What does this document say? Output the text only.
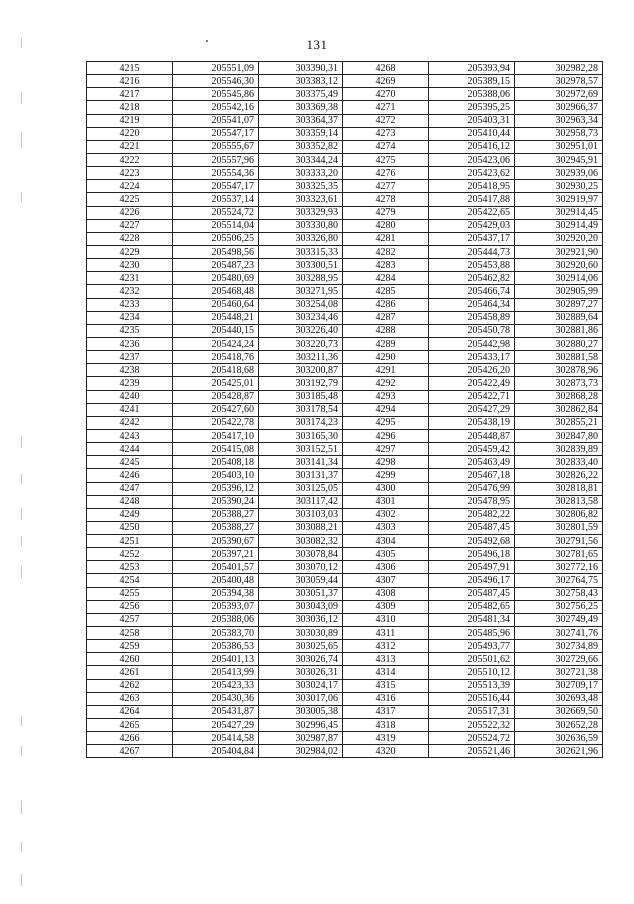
131
4215	205551,09	303390,31	4268	205393,94	302982,28
4216	205546,30	303383,12	4269	205389,15	302978,57
4217	205545,86	303375,49	4270	205388,06	302972,69
4218	205542,16	303369,38	4271	205395,25	302966,37
4219	205541,07	303364,37	4272	205403,31	302963,34
4220	205547,17	303359,14	4273	205410,44	302958,73
4221	205555,67	303352,82	4274	205416,12	302951,01
4222	205557,96	303344,24	4275	205423,06	302945,91
4223	205554,36	303333,20	4276	205423,62	302939,06
4224	205547,17	303325,35	4277	205418,95	302930,25
4225	205537,14	303323,61	4278	205417,88	302919,97
4226	205524,72	303329,93	4279	205422,65	302914,45
4227	205514,04	303330,80	4280	205429,03	302914,49
4228	205506,25	303326,80	4281	205437,17	302920,20
4229	205498,56	303315,33	4282	205444,73	302921,90
4230	205487,23	303300,51	4283	205453,88	302920,60
4231	205480,69	303288,95	4284	205462,82	302914,06
4232	205468,48	303271,95	4285	205466,74	302905,99
4233	205460,64	303254,08	4286	205464,34	302897,27
4234	205448,21	303234,46	4287	205458,89	302889,64
4235	205440,15	303226,40	4288	205450,78	302881,86
4236	205424,24	303220,73	4289	205442,98	302880,27
4237	205418,76	303211,36	4290	205433,17	302881,58
4238	205418,68	303200,87	4291	205426,20	302878,96
4239	205425,01	303192,79	4292	205422,49	302873,73
4240	205428,87	303185,48	4293	205422,71	302868,28
4241	205427,60	303178,54	4294	205427,29	302862,84
4242	205422,78	303174,23	4295	205438,19	302855,21
4243	205417,10	303165,30	4296	205448,87	302847,80
4244	205415,08	303152,51	4297	205459,42	302839,89
4245	205408,18	303141,34	4298	205463,49	302833,40
4246	205403,10	303131,37	4299	205467,18	302826,22
4247	205396,12	303125,05	4300	205476,99	302818,81
4248	205390,24	303117,42	4301	205478,95	302813,58
4249	205388,27	303103,03	4302	205482,22	302806,82
4250	205388,27	303088,21	4303	205487,45	302801,59
4251	205390,67	303082,32	4304	205492,68	302791,56
4252	205397,21	303078,84	4305	205496,18	302781,65
4253	205401,57	303070,12	4306	205497,91	302772,16
4254	205400,48	303059,44	4307	205496,17	302764,75
4255	205394,38	303051,37	4308	205487,45	302758,43
4256	205393,07	303043,09	4309	205482,65	302756,25
4257	205388,06	303036,12	4310	205481,34	302749,49
4258	205383,70	303030,89	4311	205485,96	302741,76
4259	205386,53	303025,65	4312	205493,77	302734,89
4260	205401,13	303026,74	4313	205501,62	302729,66
4261	205413,99	303026,31	4314	205510,12	302721,38
4262	205423,33	303024,17	4315	205513,39	302709,17
4263	205430,36	303017,06	4316	205516,44	302693,48
4264	205431,87	303005,38	4317	205517,31	302669,50
4265	205427,29	302996,45	4318	205522,32	302652,28
4266	205414,58	302987,87	4319	205524,72	302636,59
4267	205404,84	302984,02	4320	205521,46	302621,96
